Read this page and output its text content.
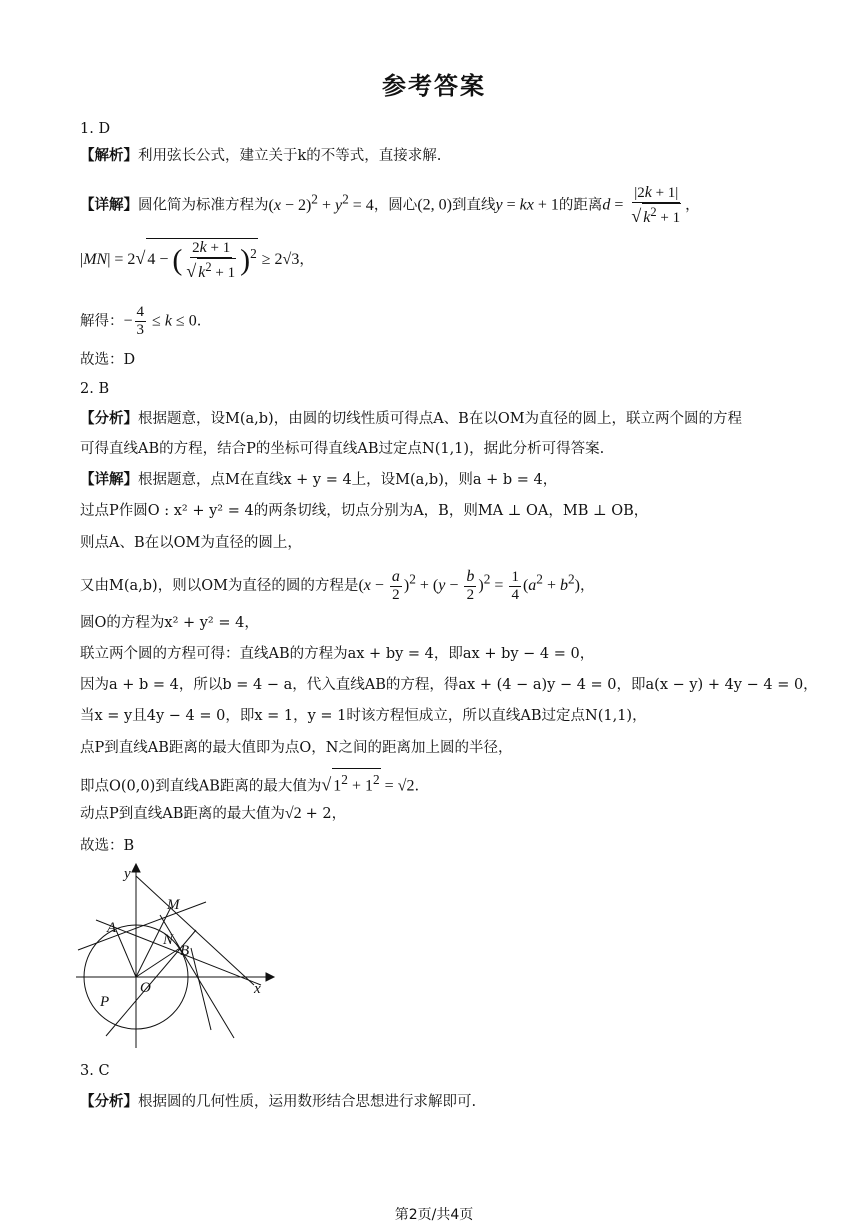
参考答案
1. D
【解析】利用弦长公式，建立关于k的不等式，直接求解.
【详解】圆化简为标准方程为$(x - 2)^2 + y^2 = 4$，圆心(2, 0)到直线y = kx + 1的距离$d = \frac{|2k + 1|}{√ k^2 + 1}$ ，
|MN| = 2√ 4 − ( $\frac{2k + 1}{√ k^2 + 1} )^2 \ge 2√3$，
解得：− $\frac{4}{3} \le k \le 0$.
故选：D
2. B
【分析】根据题意，设M(a,b)，由圆的切线性质可得点A、B在以OM为直径的圆上，联立两个圆的方程
可得直线AB的方程，结合P的坐标可得直线AB过定点N(1,1)，据此分析可得答案.
【详解】根据题意，点M在直线x + y = 4上，设M(a,b)，则a + b = 4，
过点P作圆O : x² + y² = 4的两条切线，切点分别为A，B，则MA ⊥ OA，MB ⊥ OB，
则点A、B在以OM为直径的圆上，
又由M(a,b)，则以OM为直径的圆的方程是$(x - \frac{a}{2} )^2 + (y - \frac{b}{2} )^2 = \frac{1}{4} (a^2 + b^2)$，
圆O的方程为x² + y² = 4，
联立两个圆的方程可得：直线AB的方程为ax + by = 4，即ax + by − 4 = 0，
因为a + b = 4，所以b = 4 − a，代入直线AB的方程，得ax + (4 − a)y − 4 = 0，即a(x − y) + 4y − 4 = 0，
当x = y且4y − 4 = 0，即x = 1，y = 1时该方程恒成立，所以直线AB过定点N(1,1)，
点P到直线AB距离的最大值即为点O，N之间的距离加上圆的半径，
即点O(0,0)到直线AB距离的最大值为√ $1^2 + 1^2 = √2$.
动点P到直线AB距离的最大值为√2 + 2，
故选：B
y
x
M
A
N
B
O
P
3. C
【分析】根据圆的几何性质，运用数形结合思想进行求解即可.
第2页/共4页
